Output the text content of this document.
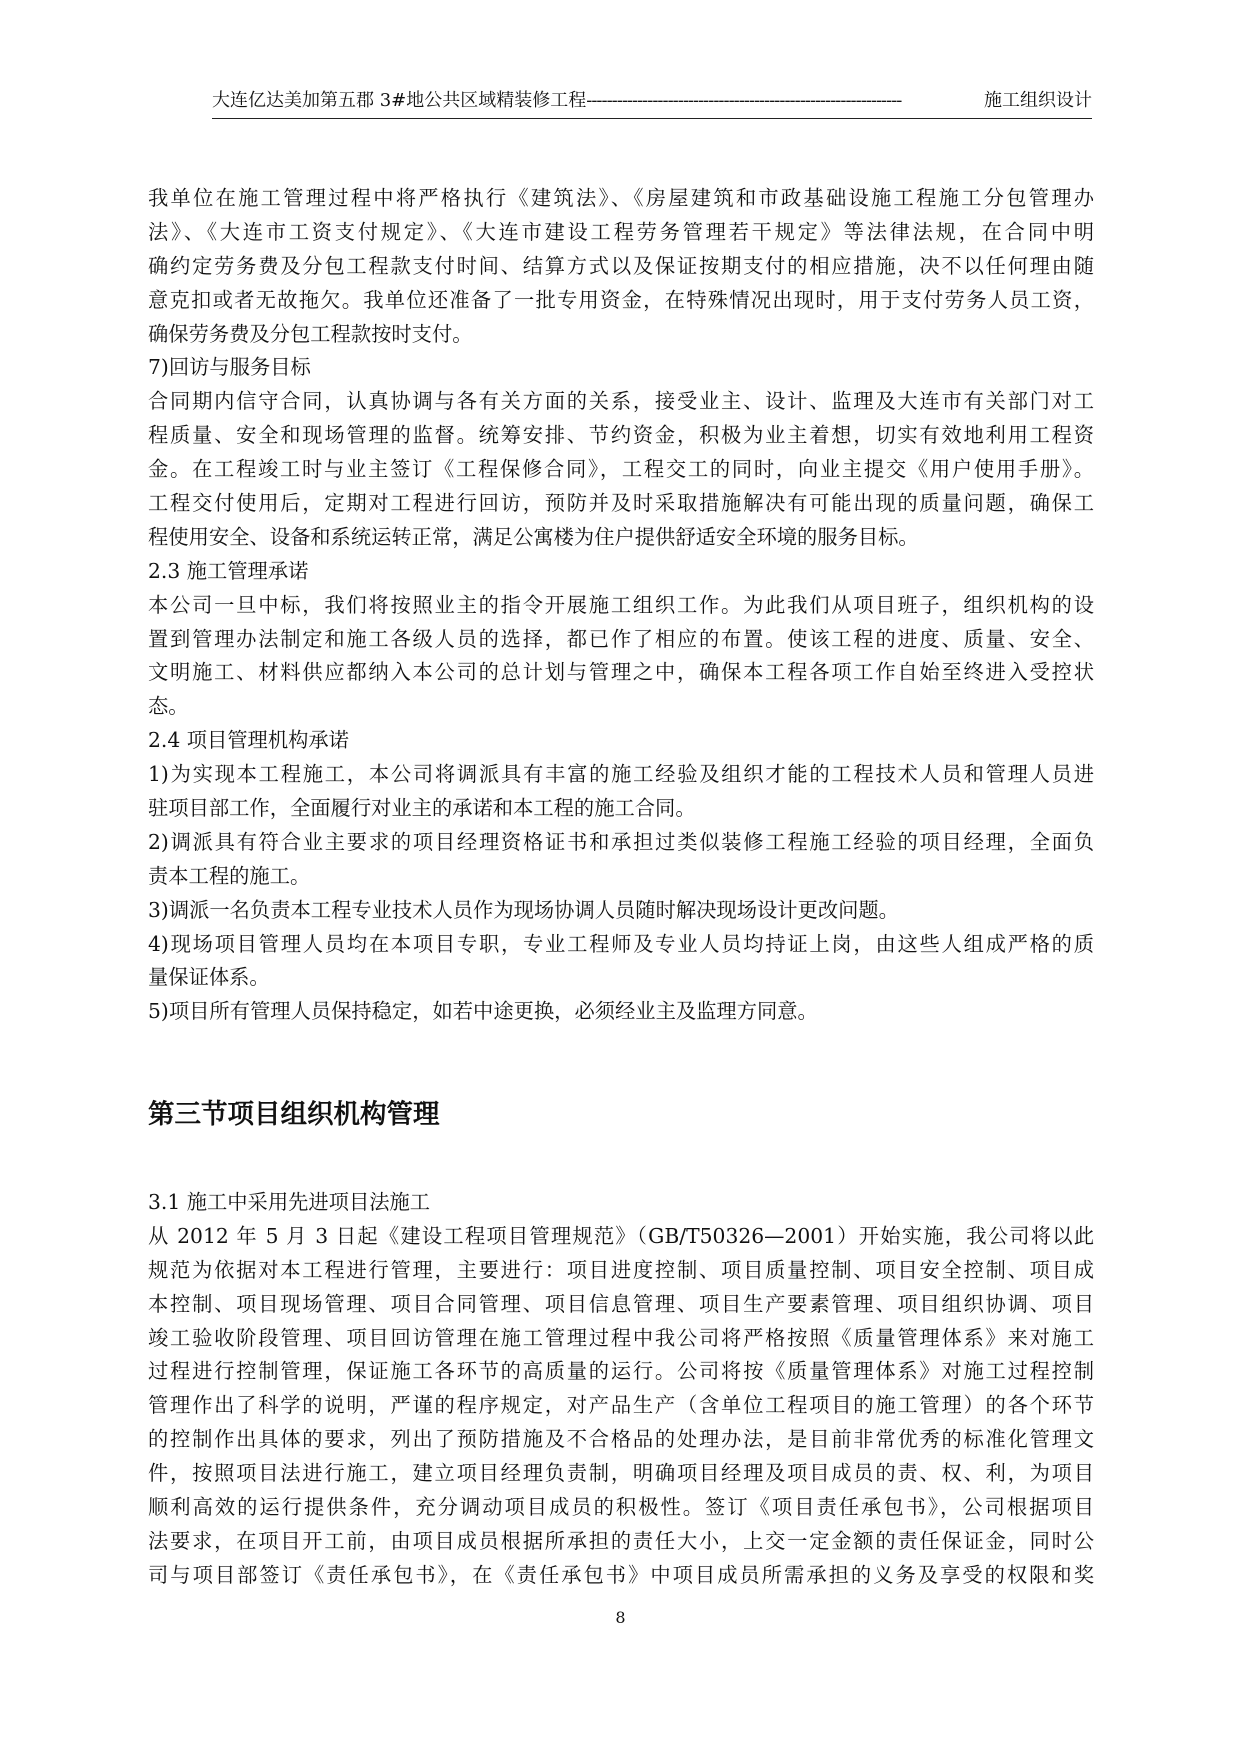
大连亿达美加第五郡 3#地公共区域精装修工程 --------------------------------------------------------------	施工组织设计
我单位在施工管理过程中将严格执行《建筑法》、《房屋建筑和市政基础设施工程施工分包管理办
法》、《大连市工资支付规定》、《大连市建设工程劳务管理若干规定》等法律法规，在合同中明
确约定劳务费及分包工程款支付时间、结算方式以及保证按期支付的相应措施，决不以任何理由随
意克扣或者无故拖欠。我单位还准备了一批专用资金，在特殊情况出现时，用于支付劳务人员工资，
确保劳务费及分包工程款按时支付。
7)回访与服务目标
合同期内信守合同，认真协调与各有关方面的关系，接受业主、设计、监理及大连市有关部门对工
程质量、安全和现场管理的监督。统筹安排、节约资金，积极为业主着想，切实有效地利用工程资
金。在工程竣工时与业主签订《工程保修合同》，工程交工的同时，向业主提交《用户使用手册》。
工程交付使用后，定期对工程进行回访，预防并及时采取措施解决有可能出现的质量问题，确保工
程使用安全、设备和系统运转正常，满足公寓楼为住户提供舒适安全环境的服务目标。
2.3 施工管理承诺
本公司一旦中标，我们将按照业主的指令开展施工组织工作。为此我们从项目班子，组织机构的设
置到管理办法制定和施工各级人员的选择，都已作了相应的布置。使该工程的进度、质量、安全、
文明施工、材料供应都纳入本公司的总计划与管理之中，确保本工程各项工作自始至终进入受控状
态。
2.4 项目管理机构承诺
1)为实现本工程施工，本公司将调派具有丰富的施工经验及组织才能的工程技术人员和管理人员进
驻项目部工作，全面履行对业主的承诺和本工程的施工合同。
2)调派具有符合业主要求的项目经理资格证书和承担过类似装修工程施工经验的项目经理，全面负
责本工程的施工。
3)调派一名负责本工程专业技术人员作为现场协调人员随时解决现场设计更改问题。
4)现场项目管理人员均在本项目专职，专业工程师及专业人员均持证上岗，由这些人组成严格的质
量保证体系。
5)项目所有管理人员保持稳定，如若中途更换，必须经业主及监理方同意。
第三节项目组织机构管理
3.1 施工中采用先进项目法施工
从 2012 年 5 月 3 日起《建设工程项目管理规范》（GB/T50326—2001）开始实施，我公司将以此
规范为依据对本工程进行管理，主要进行：项目进度控制、项目质量控制、项目安全控制、项目成
本控制、项目现场管理、项目合同管理、项目信息管理、项目生产要素管理、项目组织协调、项目
竣工验收阶段管理、项目回访管理在施工管理过程中我公司将严格按照《质量管理体系》来对施工
过程进行控制管理，保证施工各环节的高质量的运行。公司将按《质量管理体系》对施工过程控制
管理作出了科学的说明，严谨的程序规定，对产品生产（含单位工程项目的施工管理）的各个环节
的控制作出具体的要求，列出了预防措施及不合格品的处理办法，是目前非常优秀的标准化管理文
件，按照项目法进行施工，建立项目经理负责制，明确项目经理及项目成员的责、权、利，为项目
顺利高效的运行提供条件，充分调动项目成员的积极性。签订《项目责任承包书》，公司根据项目
法要求，在项目开工前，由项目成员根据所承担的责任大小，上交一定金额的责任保证金，同时公
司与项目部签订《责任承包书》，在《责任承包书》中项目成员所需承担的义务及享受的权限和奖
8
